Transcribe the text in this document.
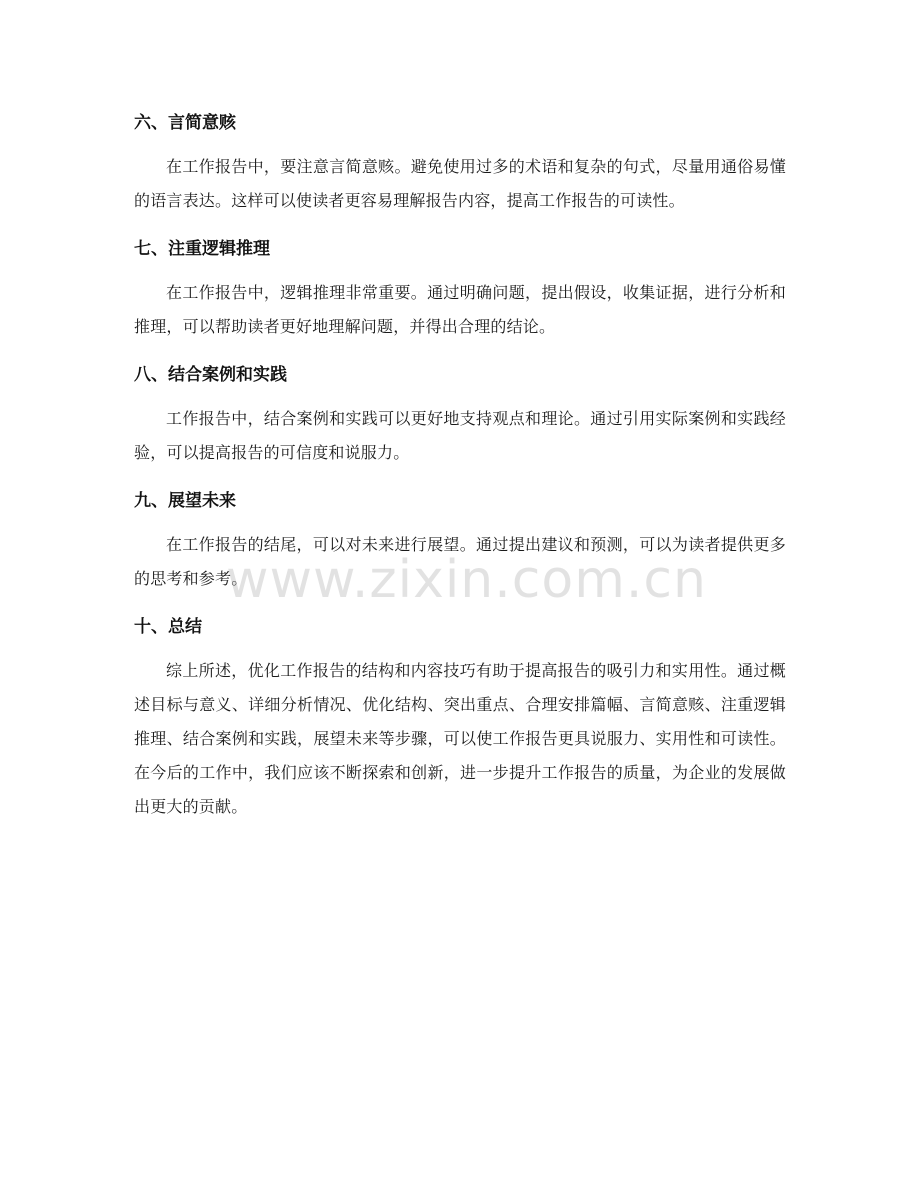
六、言简意赅

在工作报告中，要注意言简意赅。避免使用过多的术语和复杂的句式，尽量用通俗易懂的语言表达。这样可以使读者更容易理解报告内容，提高工作报告的可读性。

七、注重逻辑推理

在工作报告中，逻辑推理非常重要。通过明确问题，提出假设，收集证据，进行分析和推理，可以帮助读者更好地理解问题，并得出合理的结论。

八、结合案例和实践

工作报告中，结合案例和实践可以更好地支持观点和理论。通过引用实际案例和实践经验，可以提高报告的可信度和说服力。

九、展望未来

在工作报告的结尾，可以对未来进行展望。通过提出建议和预测，可以为读者提供更多的思考和参考。

十、总结

综上所述，优化工作报告的结构和内容技巧有助于提高报告的吸引力和实用性。通过概述目标与意义、详细分析情况、优化结构、突出重点、合理安排篇幅、言简意赅、注重逻辑推理、结合案例和实践，展望未来等步骤，可以使工作报告更具说服力、实用性和可读性。在今后的工作中，我们应该不断探索和创新，进一步提升工作报告的质量，为企业的发展做出更大的贡献。

www.zixin.com.cn
